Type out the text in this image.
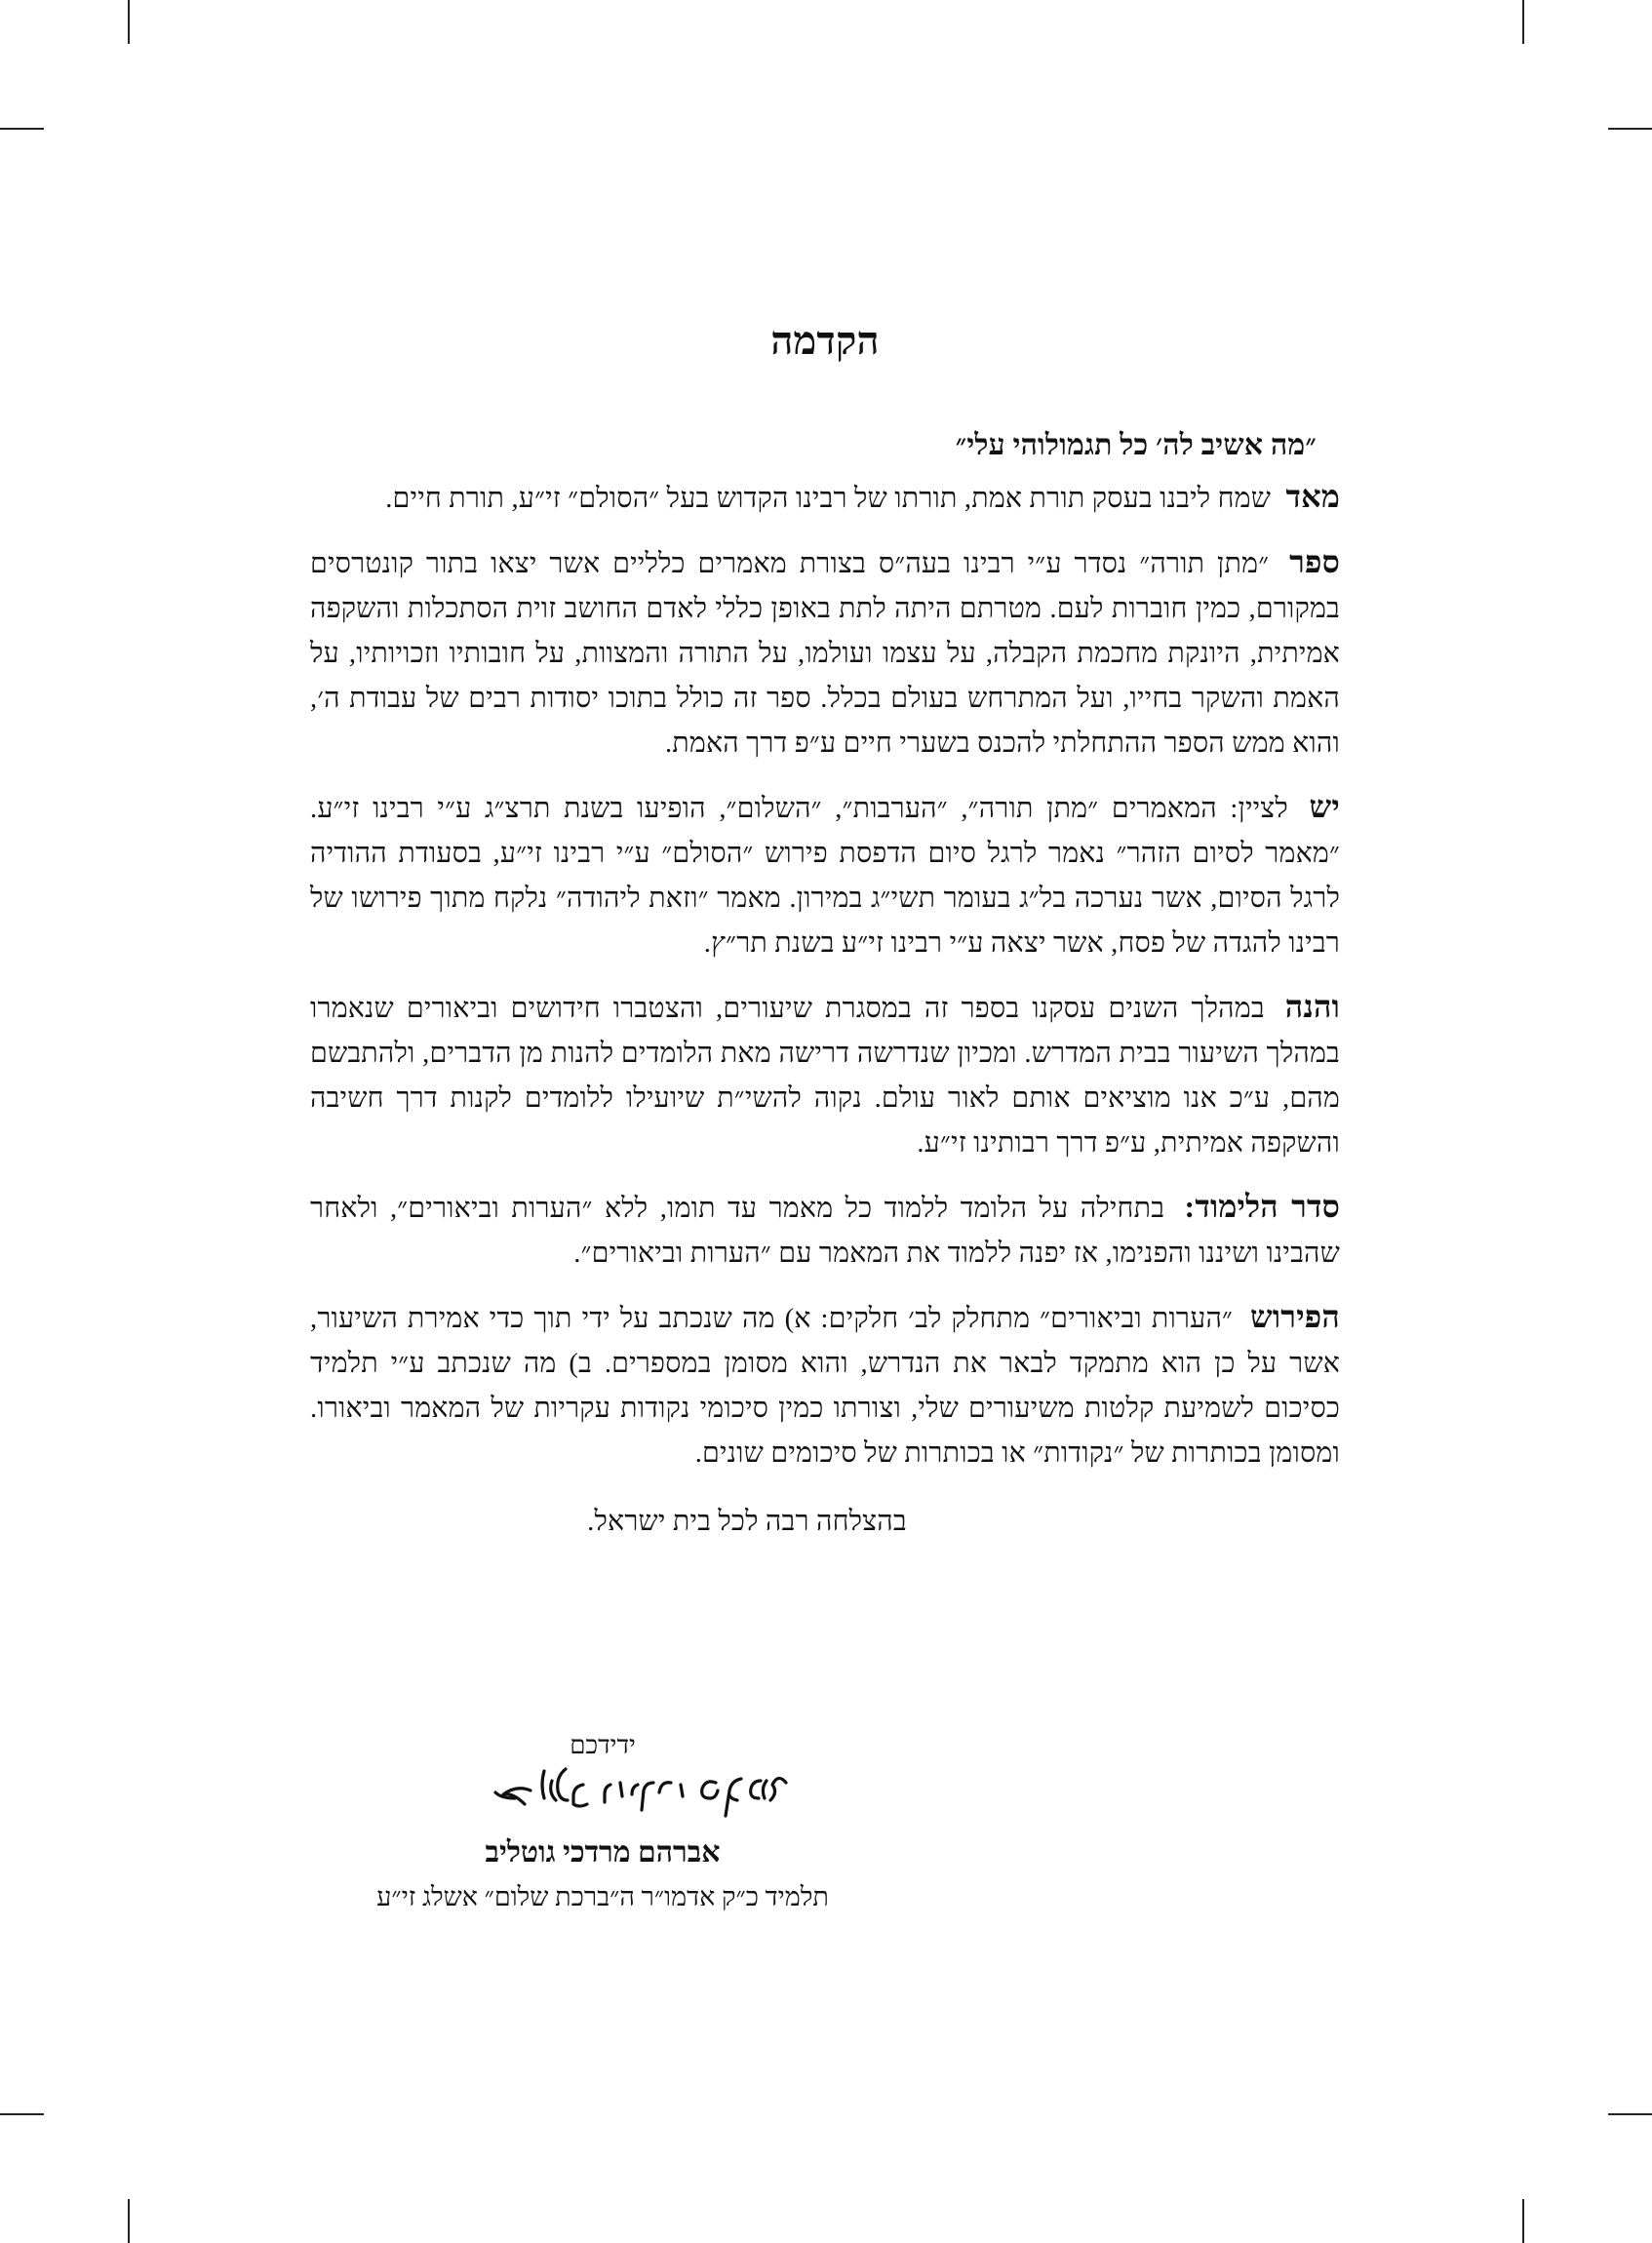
הקדמה
״מה אשיב לה׳ כל תגמולוהי עלי״

מאד שמח ליבנו בעסק תורת אמת, תורתו של רבינו הקדוש בעל ״הסולם״ זי״ע, תורת חיים.

ספר ״מתן תורה״ נסדר ע״י רבינו בעה״ס בצורת מאמרים כלליים אשר יצאו בתור קונטרסים במקורם, כמין חוברות לעם. מטרתם היתה לתת באופן כללי לאדם החושב זוית הסתכלות והשקפה אמיתית, היונקת מחכמת הקבלה, על עצמו ועולמו, על התורה והמצוות, על חובותיו וזכויותיו, על האמת והשקר בחייו, ועל המתרחש בעולם בכלל. ספר זה כולל בתוכו יסודות רבים של עבודת ה׳, והוא ממש הספר ההתחלתי להכנס בשערי חיים ע״פ דרך האמת.

יש לציין: המאמרים ״מתן תורה״, ״הערבות״, ״השלום״, הופיעו בשנת תרצ״ג ע״י רבינו זי״ע. ״מאמר לסיום הזהר״ נאמר לרגל סיום הדפסת פירוש ״הסולם״ ע״י רבינו זי״ע, בסעודת ההודיה לרגל הסיום, אשר נערכה בל״ג בעומר תשי״ג במירון. מאמר ״וזאת ליהודה״ נלקח מתוך פירושו של רבינו להגדה של פסח, אשר יצאה ע״י רבינו זי״ע בשנת תר״ץ.

והנה במהלך השנים עסקנו בספר זה במסגרת שיעורים, והצטברו חידושים וביאורים שנאמרו במהלך השיעור בבית המדרש. ומכיון שנדרשה דרישה מאת הלומדים להנות מן הדברים, ולהתבשם מהם, ע״כ אנו מוציאים אותם לאור עולם. נקוה להשי״ת שיועילו ללומדים לקנות דרך חשיבה והשקפה אמיתית, ע״פ דרך רבותינו זי״ע.

סדר הלימוד: בתחילה על הלומד ללמוד כל מאמר עד תומו, ללא ״הערות וביאורים״, ולאחר שהבינו ושיננו והפנימו, אז יפנה ללמוד את המאמר עם ״הערות וביאורים״.

הפירוש ״הערות וביאורים״ מתחלק לב׳ חלקים: א) מה שנכתב על ידי תוך כדי אמירת השיעור, אשר על כן הוא מתמקד לבאר את הנדרש, והוא מסומן במספרים. ב) מה שנכתב ע״י תלמיד כסיכום לשמיעת קלטות משיעורים שלי, וצורתו כמין סיכומי נקודות עקריות של המאמר וביאורו. ומסומן בכותרות של ״נקודות״ או בכותרות של סיכומים שונים.

בהצלחה רבה לכל בית ישראל.

ידידכם
אברהם מרדכי גוטליב
תלמיד כ״ק אדמו״ר ה״ברכת שלום״ אשלג זי״ע
